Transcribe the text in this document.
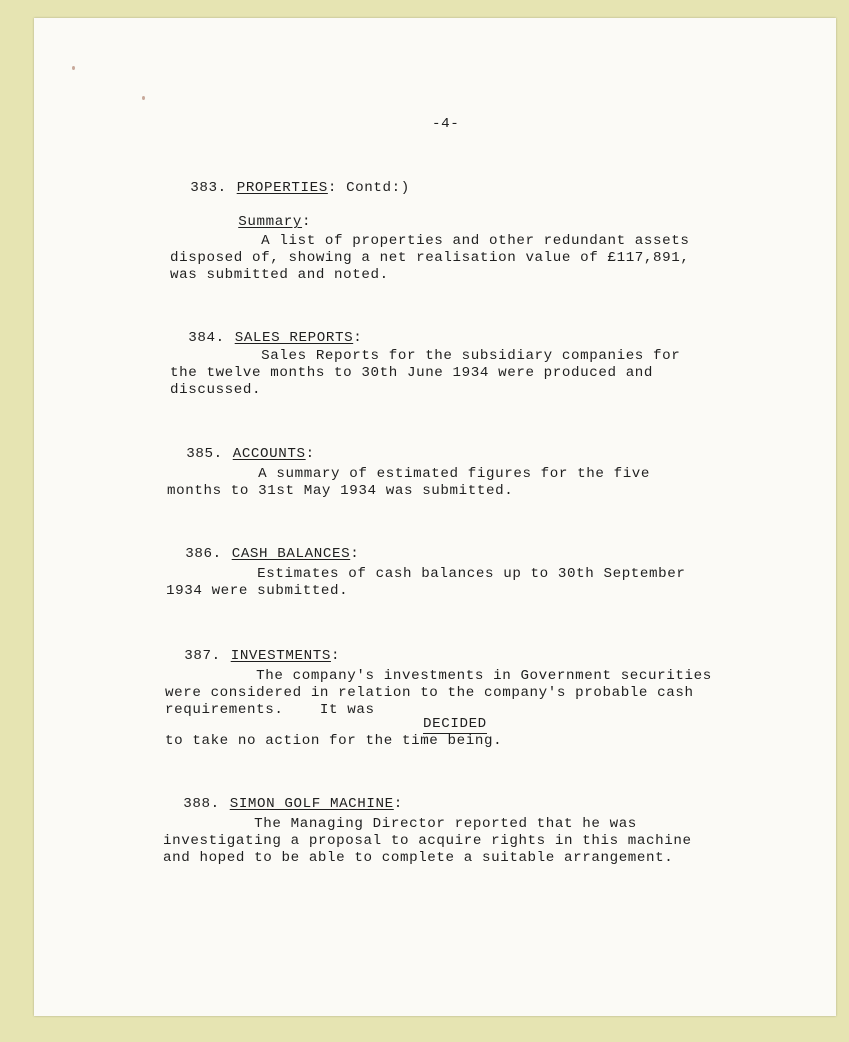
-4-

383. PROPERTIES: Contd:)

Summary:

A list of properties and other redundant assets
disposed of, showing a net realisation value of £117,891,
was submitted and noted.

384. SALES REPORTS:

Sales Reports for the subsidiary companies for
the twelve months to 30th June 1934 were produced and
discussed.

385. ACCOUNTS:

A summary of estimated figures for the five
months to 31st May 1934 was submitted.

386. CASH BALANCES:

Estimates of cash balances up to 30th September
1934 were submitted.

387. INVESTMENTS:

The company's investments in Government securities
were considered in relation to the company's probable cash
requirements.    It was
DECIDED
to take no action for the time being.

388. SIMON GOLF MACHINE:

The Managing Director reported that he was
investigating a proposal to acquire rights in this machine
and hoped to be able to complete a suitable arrangement.
